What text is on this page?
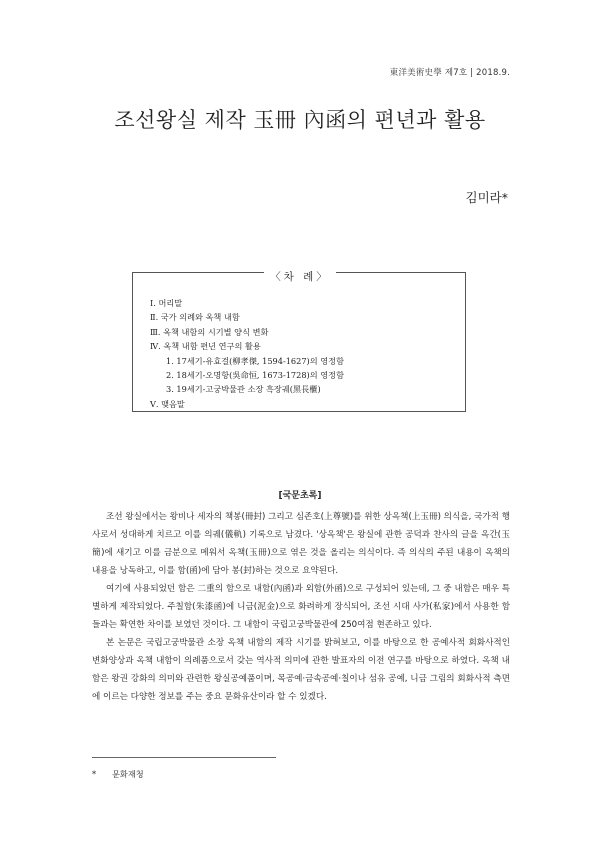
東洋美術史學 제7호 | 2018.9.
조선왕실 제작 玉冊 內函의 편년과 활용
김미라*
〈차 례〉
Ⅰ. 머리말
Ⅱ. 국가 의례와 옥책 내함
Ⅲ. 옥책 내함의 시기별 양식 변화
Ⅳ. 옥책 내함 편년 연구의 활용
1. 17세기-유효걸(柳孝傑, 1594-1627)의 영정함
2. 18세기-오명항(吳命恒, 1673-1728)의 영정함
3. 19세기-고궁박물관 소장 흑장궤(黑長櫃)
Ⅴ. 맺음말
[국문초록]

조선 왕실에서는 왕비나 세자의 책봉(冊封) 그리고 심존호(上尊號)를 위한 상옥책(上玉冊) 의식을, 국가적 행사로서 성대하게 치르고 이를 의궤(儀軌) 기록으로 남겼다. '상옥책'은 왕실에 관한 공덕과 찬사의 글을 옥간(玉簡)에 새기고 이를 금분으로 메워서 옥책(玉冊)으로 엮은 것을 올리는 의식이다. 즉 의식의 주된 내용이 옥책의 내용을 낭독하고, 이를 함(函)에 담아 봉(封)하는 것으로 요약된다.

여기에 사용되었던 함은 二重의 함으로 내함(內函)과 외함(外函)으로 구성되어 있는데, 그 중 내함은 매우 특별하게 제작되었다. 주칠함(朱漆函)에 니금(泥金)으로 화려하게 장식되어, 조선 시대 사가(私家)에서 사용한 함들과는 확연한 차이를 보였던 것이다. 그 내함이 국립고궁박물관에 250여점 현존하고 있다.

본 논문은 국립고궁박물관 소장 옥책 내함의 제작 시기를 밝혀보고, 이를 바탕으로 한 공예사적 회화사적인 변화양상과 옥책 내함이 의례품으로서 갖는 역사적 의미에 관한 발표자의 이전 연구를 바탕으로 하였다. 옥책 내함은 왕권 강화의 의미와 관련한 왕실공예품이며, 목공예·금속공예·칠이나 섬유 공예, 니금 그림의 회화사적 측면에 이르는 다양한 정보를 주는 중요 문화유산이라 할 수 있겠다.

* 문화재청
